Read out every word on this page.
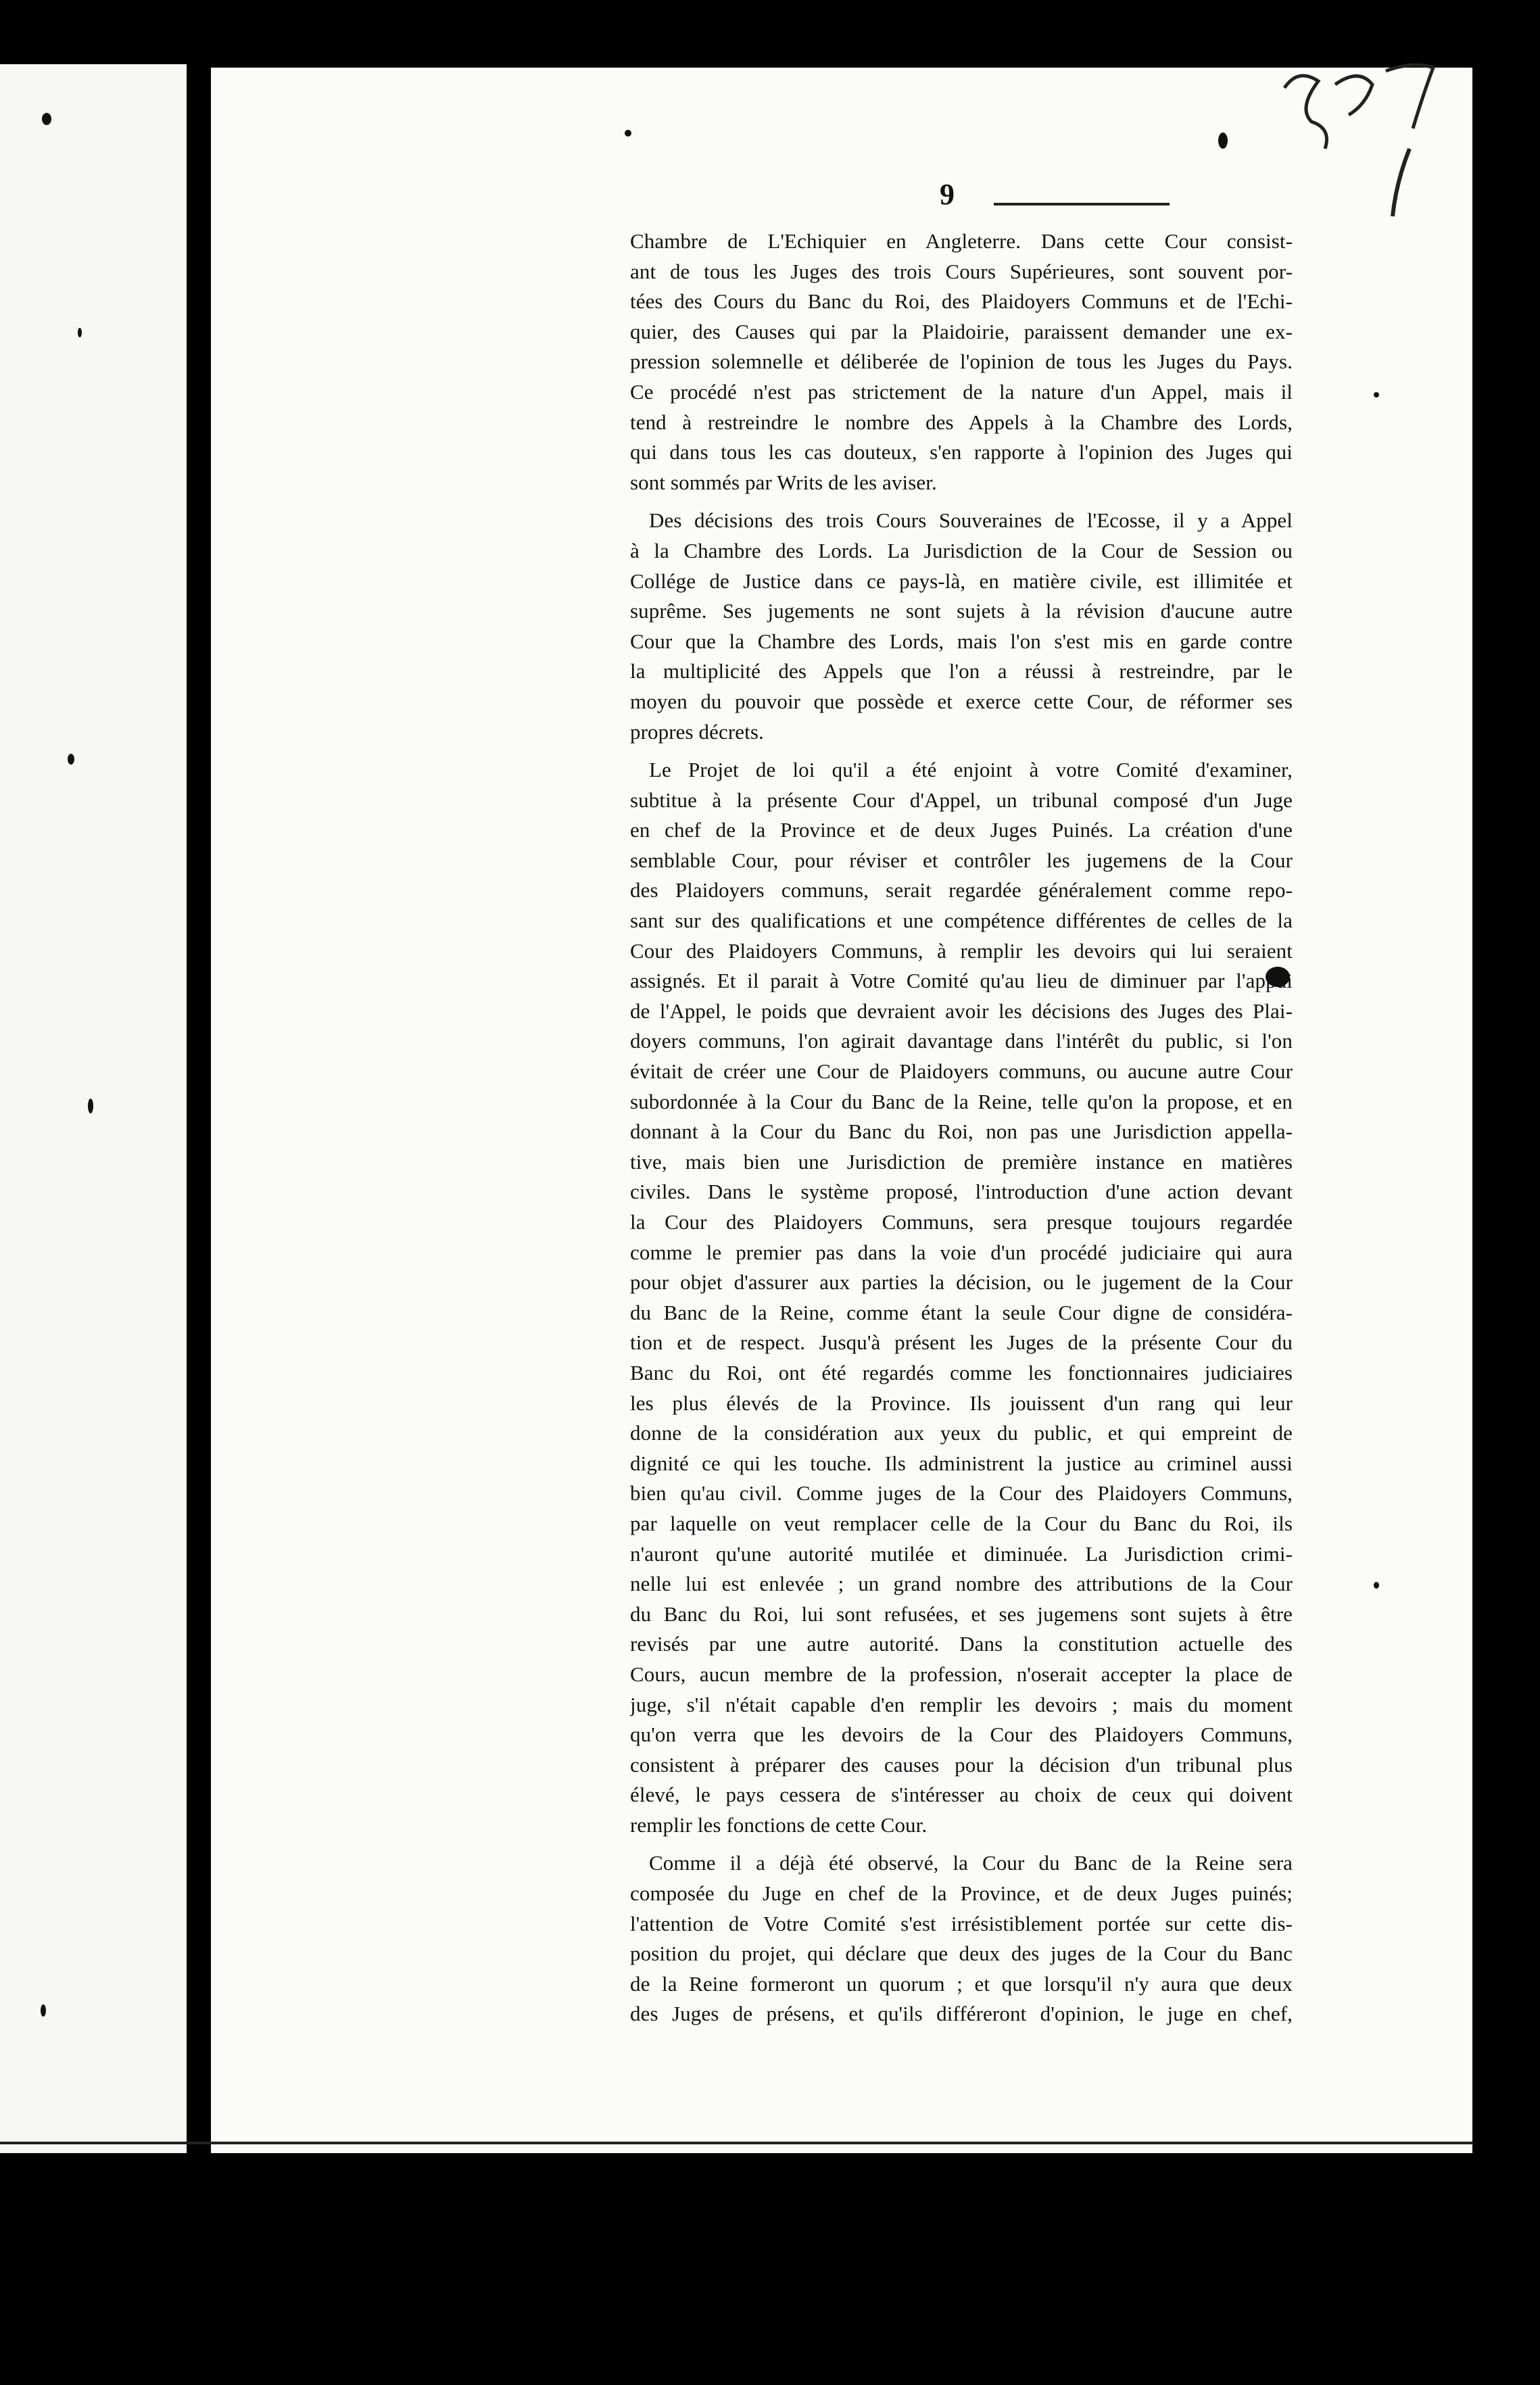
9
Chambre de L'Echiquier en Angleterre. Dans cette Cour consist-
ant de tous les Juges des trois Cours Supérieures, sont souvent por-
tées des Cours du Banc du Roi, des Plaidoyers Communs et de l'Echi-
quier, des Causes qui par la Plaidoirie, paraissent demander une ex-
pression solemnelle et déliberée de l'opinion de tous les Juges du Pays.
Ce procédé n'est pas strictement de la nature d'un Appel, mais il
tend à restreindre le nombre des Appels à la Chambre des Lords,
qui dans tous les cas douteux, s'en rapporte à l'opinion des Juges qui
sont sommés par Writs de les aviser.
Des décisions des trois Cours Souveraines de l'Ecosse, il y a Appel
à la Chambre des Lords. La Jurisdiction de la Cour de Session ou
Collége de Justice dans ce pays-là, en matière civile, est illimitée et
suprême. Ses jugements ne sont sujets à la révision d'aucune autre
Cour que la Chambre des Lords, mais l'on s'est mis en garde contre
la multiplicité des Appels que l'on a réussi à restreindre, par le
moyen du pouvoir que possède et exerce cette Cour, de réformer ses
propres décrets.
Le Projet de loi qu'il a été enjoint à votre Comité d'examiner,
subtitue à la présente Cour d'Appel, un tribunal composé d'un Juge
en chef de la Province et de deux Juges Puinés. La création d'une
semblable Cour, pour réviser et contrôler les jugemens de la Cour
des Plaidoyers communs, serait regardée généralement comme repo-
sant sur des qualifications et une compétence différentes de celles de la
Cour des Plaidoyers Communs, à remplir les devoirs qui lui seraient
assignés. Et il parait à Votre Comité qu'au lieu de diminuer par l'appui
de l'Appel, le poids que devraient avoir les décisions des Juges des Plai-
doyers communs, l'on agirait davantage dans l'intérêt du public, si l'on
évitait de créer une Cour de Plaidoyers communs, ou aucune autre Cour
subordonnée à la Cour du Banc de la Reine, telle qu'on la propose, et en
donnant à la Cour du Banc du Roi, non pas une Jurisdiction appella-
tive, mais bien une Jurisdiction de première instance en matières
civiles. Dans le système proposé, l'introduction d'une action devant
la Cour des Plaidoyers Communs, sera presque toujours regardée
comme le premier pas dans la voie d'un procédé judiciaire qui aura
pour objet d'assurer aux parties la décision, ou le jugement de la Cour
du Banc de la Reine, comme étant la seule Cour digne de considéra-
tion et de respect. Jusqu'à présent les Juges de la présente Cour du
Banc du Roi, ont été regardés comme les fonctionnaires judiciaires
les plus élevés de la Province. Ils jouissent d'un rang qui leur
donne de la considération aux yeux du public, et qui empreint de
dignité ce qui les touche. Ils administrent la justice au criminel aussi
bien qu'au civil. Comme juges de la Cour des Plaidoyers Communs,
par laquelle on veut remplacer celle de la Cour du Banc du Roi, ils
n'auront qu'une autorité mutilée et diminuée. La Jurisdiction crimi-
nelle lui est enlevée ; un grand nombre des attributions de la Cour
du Banc du Roi, lui sont refusées, et ses jugemens sont sujets à être
revisés par une autre autorité. Dans la constitution actuelle des
Cours, aucun membre de la profession, n'oserait accepter la place de
juge, s'il n'était capable d'en remplir les devoirs ; mais du moment
qu'on verra que les devoirs de la Cour des Plaidoyers Communs,
consistent à préparer des causes pour la décision d'un tribunal plus
élevé, le pays cessera de s'intéresser au choix de ceux qui doivent
remplir les fonctions de cette Cour.
Comme il a déjà été observé, la Cour du Banc de la Reine sera
composée du Juge en chef de la Province, et de deux Juges puinés;
l'attention de Votre Comité s'est irrésistiblement portée sur cette dis-
position du projet, qui déclare que deux des juges de la Cour du Banc
de la Reine formeront un quorum ; et que lorsqu'il n'y aura que deux
des Juges de présens, et qu'ils différeront d'opinion, le juge en chef,
